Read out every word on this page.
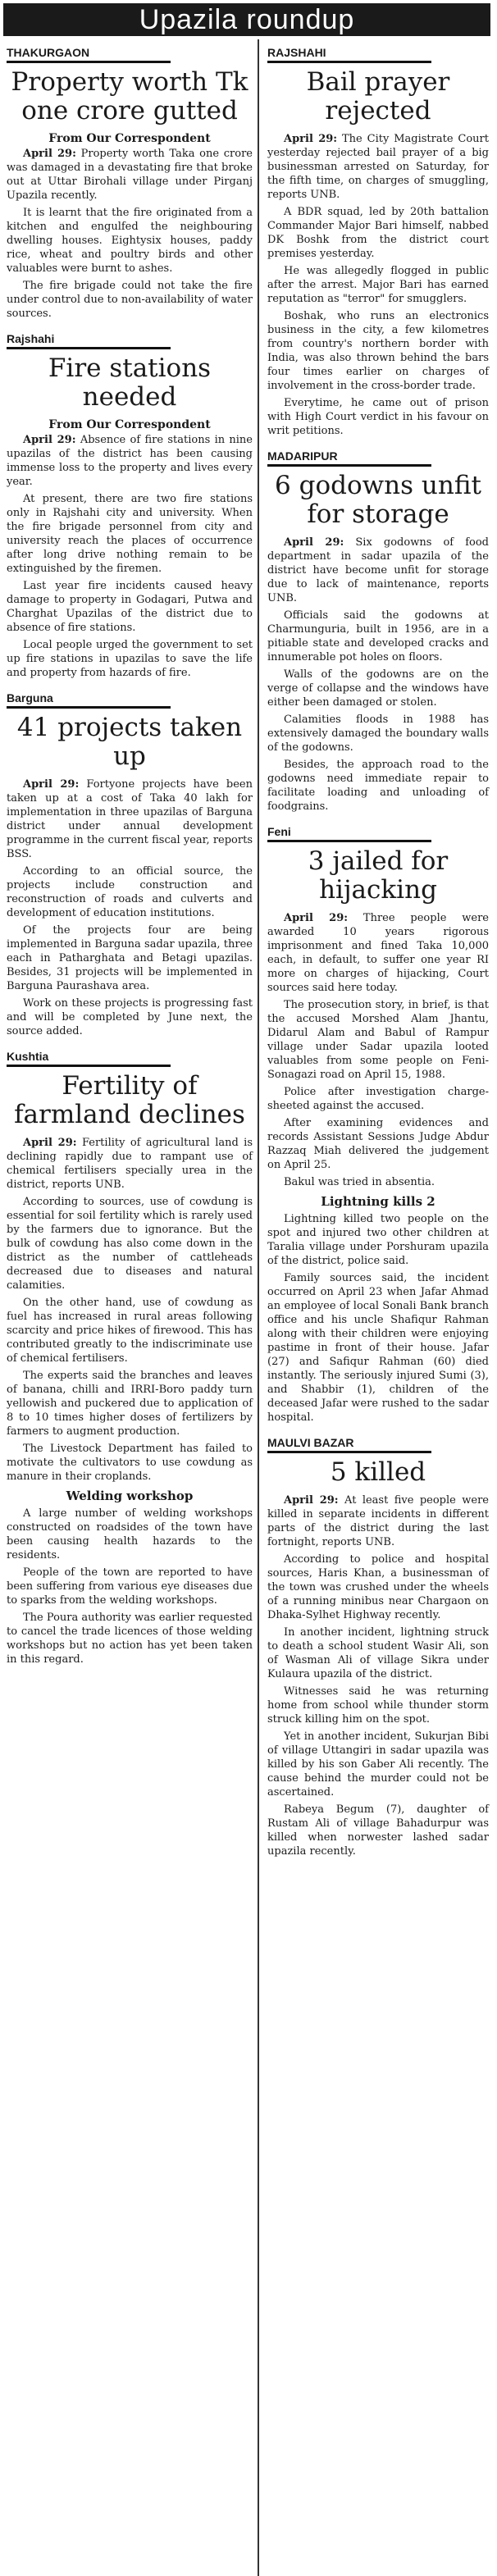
Upazila roundup
THAKURGAON
Property worth Tk one crore gutted
From Our Correspondent

April 29: Property worth Taka one crore was damaged in a devastating fire that broke out at Uttar Birohali village under Pirganj Upazila recently.

It is learnt that the fire originated from a kitchen and engulfed the neighbouring dwelling houses. Eightysix houses, paddy rice, wheat and poultry birds and other valuables were burnt to ashes.

The fire brigade could not take the fire under control due to non-availability of water sources.

Rajshahi
Fire stations needed
From Our Correspondent

April 29: Absence of fire stations in nine upazilas of the district has been causing immense loss to the property and lives every year.

At present, there are two fire stations only in Rajshahi city and university. When the fire brigade personnel from city and university reach the places of occurrence after long drive nothing remain to be extinguished by the firemen.

Last year fire incidents caused heavy damage to property in Godagari, Putwa and Charghat Upazilas of the district due to absence of fire stations.

Local people urged the government to set up fire stations in upazilas to save the life and property from hazards of fire.

Barguna
41 projects taken up

April 29: Fortyone projects have been taken up at a cost of Taka 40 lakh for implementation in three upazilas of Barguna district under annual development programme in the current fiscal year, reports BSS.

According to an official source, the projects include construction and reconstruction of roads and culverts and development of education institutions.

Of the projects four are being implemented in Barguna sadar upazila, three each in Patharghata and Betagi upazilas. Besides, 31 projects will be implemented in Barguna Paurashava area.

Work on these projects is progressing fast and will be completed by June next, the source added.

Kushtia
Fertility of farmland declines

April 29: Fertility of agricultural land is declining rapidly due to rampant use of chemical fertilisers specially urea in the district, reports UNB.

According to sources, use of cowdung is essential for soil fertility which is rarely used by the farmers due to ignorance. But the bulk of cowdung has also come down in the district as the number of cattleheads decreased due to diseases and natural calamities.

On the other hand, use of cowdung as fuel has increased in rural areas following scarcity and price hikes of firewood. This has contributed greatly to the indiscriminate use of chemical fertilisers.

The experts said the branches and leaves of banana, chilli and IRRI-Boro paddy turn yellowish and puckered due to application of 8 to 10 times higher doses of fertilizers by farmers to augment production.

The Livestock Department has failed to motivate the cultivators to use cowdung as manure in their croplands.

Welding workshop

A large number of welding workshops constructed on roadsides of the town have been causing health hazards to the residents.

People of the town are reported to have been suffering from various eye diseases due to sparks from the welding workshops.

The Poura authority was earlier requested to cancel the trade licences of those welding workshops but no action has yet been taken in this regard.

RAJSHAHI
Bail prayer rejected

April 29: The City Magistrate Court yesterday rejected bail prayer of a big businessman arrested on Saturday, for the fifth time, on charges of smuggling, reports UNB.

A BDR squad, led by 20th battalion Commander Major Bari himself, nabbed DK Boshk from the district court premises yesterday.

He was allegedly flogged in public after the arrest. Major Bari has earned reputation as "terror" for smugglers.

Boshak, who runs an electronics business in the city, a few kilometres from country's northern border with India, was also thrown behind the bars four times earlier on charges of involvement in the cross-border trade.

Everytime, he came out of prison with High Court verdict in his favour on writ petitions.

MADARIPUR
6 godowns unfit for storage

April 29: Six godowns of food department in sadar upazila of the district have become unfit for storage due to lack of maintenance, reports UNB.

Officials said the godowns at Charmunguria, built in 1956, are in a pitiable state and developed cracks and innumerable pot holes on floors.

Walls of the godowns are on the verge of collapse and the windows have either been damaged or stolen.

Calamities floods in 1988 has extensively damaged the boundary walls of the godowns.

Besides, the approach road to the godowns need immediate repair to facilitate loading and unloading of foodgrains.

Feni
3 jailed for hijacking

April 29: Three people were awarded 10 years rigorous imprisonment and fined Taka 10,000 each, in default, to suffer one year RI more on charges of hijacking, Court sources said here today.

The prosecution story, in brief, is that the accused Morshed Alam Jhantu, Didarul Alam and Babul of Rampur village under Sadar upazila looted valuables from some people on Feni-Sonagazi road on April 15, 1988.

Police after investigation charge-sheeted against the accused.

After examining evidences and records Assistant Sessions Judge Abdur Razzaq Miah delivered the judgement on April 25.

Bakul was tried in absentia.

Lightning kills 2

Lightning killed two people on the spot and injured two other children at Taralia village under Porshuram upazila of the district, police said.

Family sources said, the incident occurred on April 23 when Jafar Ahmad an employee of local Sonali Bank branch office and his uncle Shafiqur Rahman along with their children were enjoying pastime in front of their house. Jafar (27) and Safiqur Rahman (60) died instantly. The seriously injured Sumi (3), and Shabbir (1), children of the deceased Jafar were rushed to the sadar hospital.

MAULVI BAZAR
5 killed

April 29: At least five people were killed in separate incidents in different parts of the district during the last fortnight, reports UNB.

According to police and hospital sources, Haris Khan, a businessman of the town was crushed under the wheels of a running minibus near Chargaon on Dhaka-Sylhet Highway recently.

In another incident, lightning struck to death a school student Wasir Ali, son of Wasman Ali of village Sikra under Kulaura upazila of the district.

Witnesses said he was returning home from school while thunder storm struck killing him on the spot.

Yet in another incident, Sukurjan Bibi of village Uttangiri in sadar upazila was killed by his son Gaber Ali recently. The cause behind the murder could not be ascertained.

Rabeya Begum (7), daughter of Rustam Ali of village Bahadurpur was killed when norwester lashed sadar upazila recently.
